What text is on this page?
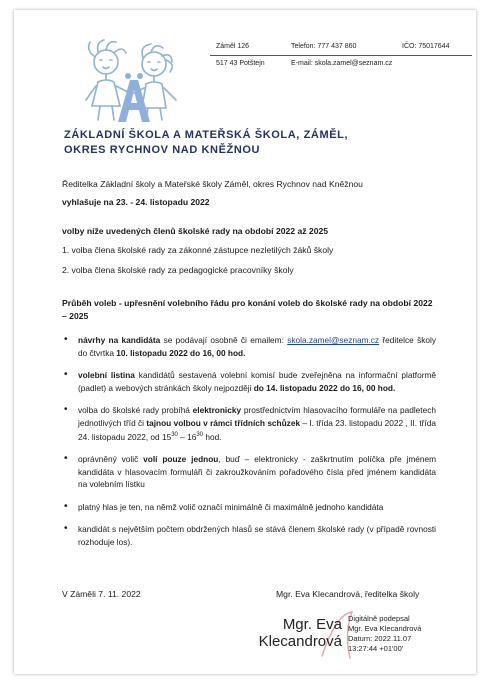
Záměl 126	Telefon: 777 437 860	IČO: 75017644
517 43 Potštejn	E-mail: skola.zamel@seznam.cz
ZÁKLADNÍ ŠKOLA A MATEŘSKÁ ŠKOLA, ZÁMĚL,
OKRES RYCHNOV NAD KNĚŽNOU
Ředitelka Základní školy a Mateřské školy Záměl, okres Rychnov nad Kněžnou
vyhlašuje na 23. - 24. listopadu 2022
volby níže uvedených členů školské rady na období 2022 až 2025
1. volba člena školské rady za zákonné zástupce nezletilých žáků školy
2. volba člena školské rady za pedagogické pracovníky školy
Průběh voleb - upřesnění volebního řádu pro konání voleb do školské rady na období 2022 – 2025
• návrhy na kandidáta se podávají osobně či emailem: skola.zamel@seznam.cz ředitelce školy do čtvrtka 10. listopadu 2022 do 16, 00 hod.
• volební listina kandidátů sestavená volební komisí bude zveřejněna na informační platformě (padlet) a webových stránkách školy nejpozději do 14. listopadu 2022 do 16, 00 hod.
• volba do školské rady probíhá elektronicky prostřednictvím hlasovacího formuláře na padletech jednotlivých tříd či tajnou volbou v rámci třídních schůzek – I. třída 23. listopadu 2022 , II. třída 24. listopadu 2022, od $15^{30} - 16^{30}$ hod.
• oprávněný volič volí pouze jednou, buď – elektronicky - zaškrtnutím políčka pře jménem kandidáta v hlasovacím formuláři či zakroužkováním pořadového čísla před jménem kandidáta na volebním lístku
• platný hlas je ten, na němž volič označí minimálně či maximálně jednoho kandidáta
• kandidát s největším počtem obdržených hlasů se stává členem školské rady (v případě rovnosti rozhoduje los).
V Záměli 7. 11. 2022	Mgr. Eva Klecandrová, ředitelka školy
Mgr. Eva
Klecandrová
Digitálně podepsal
Mgr. Eva Klecandrová
Datum: 2022.11.07
13:27:44 +01'00'
